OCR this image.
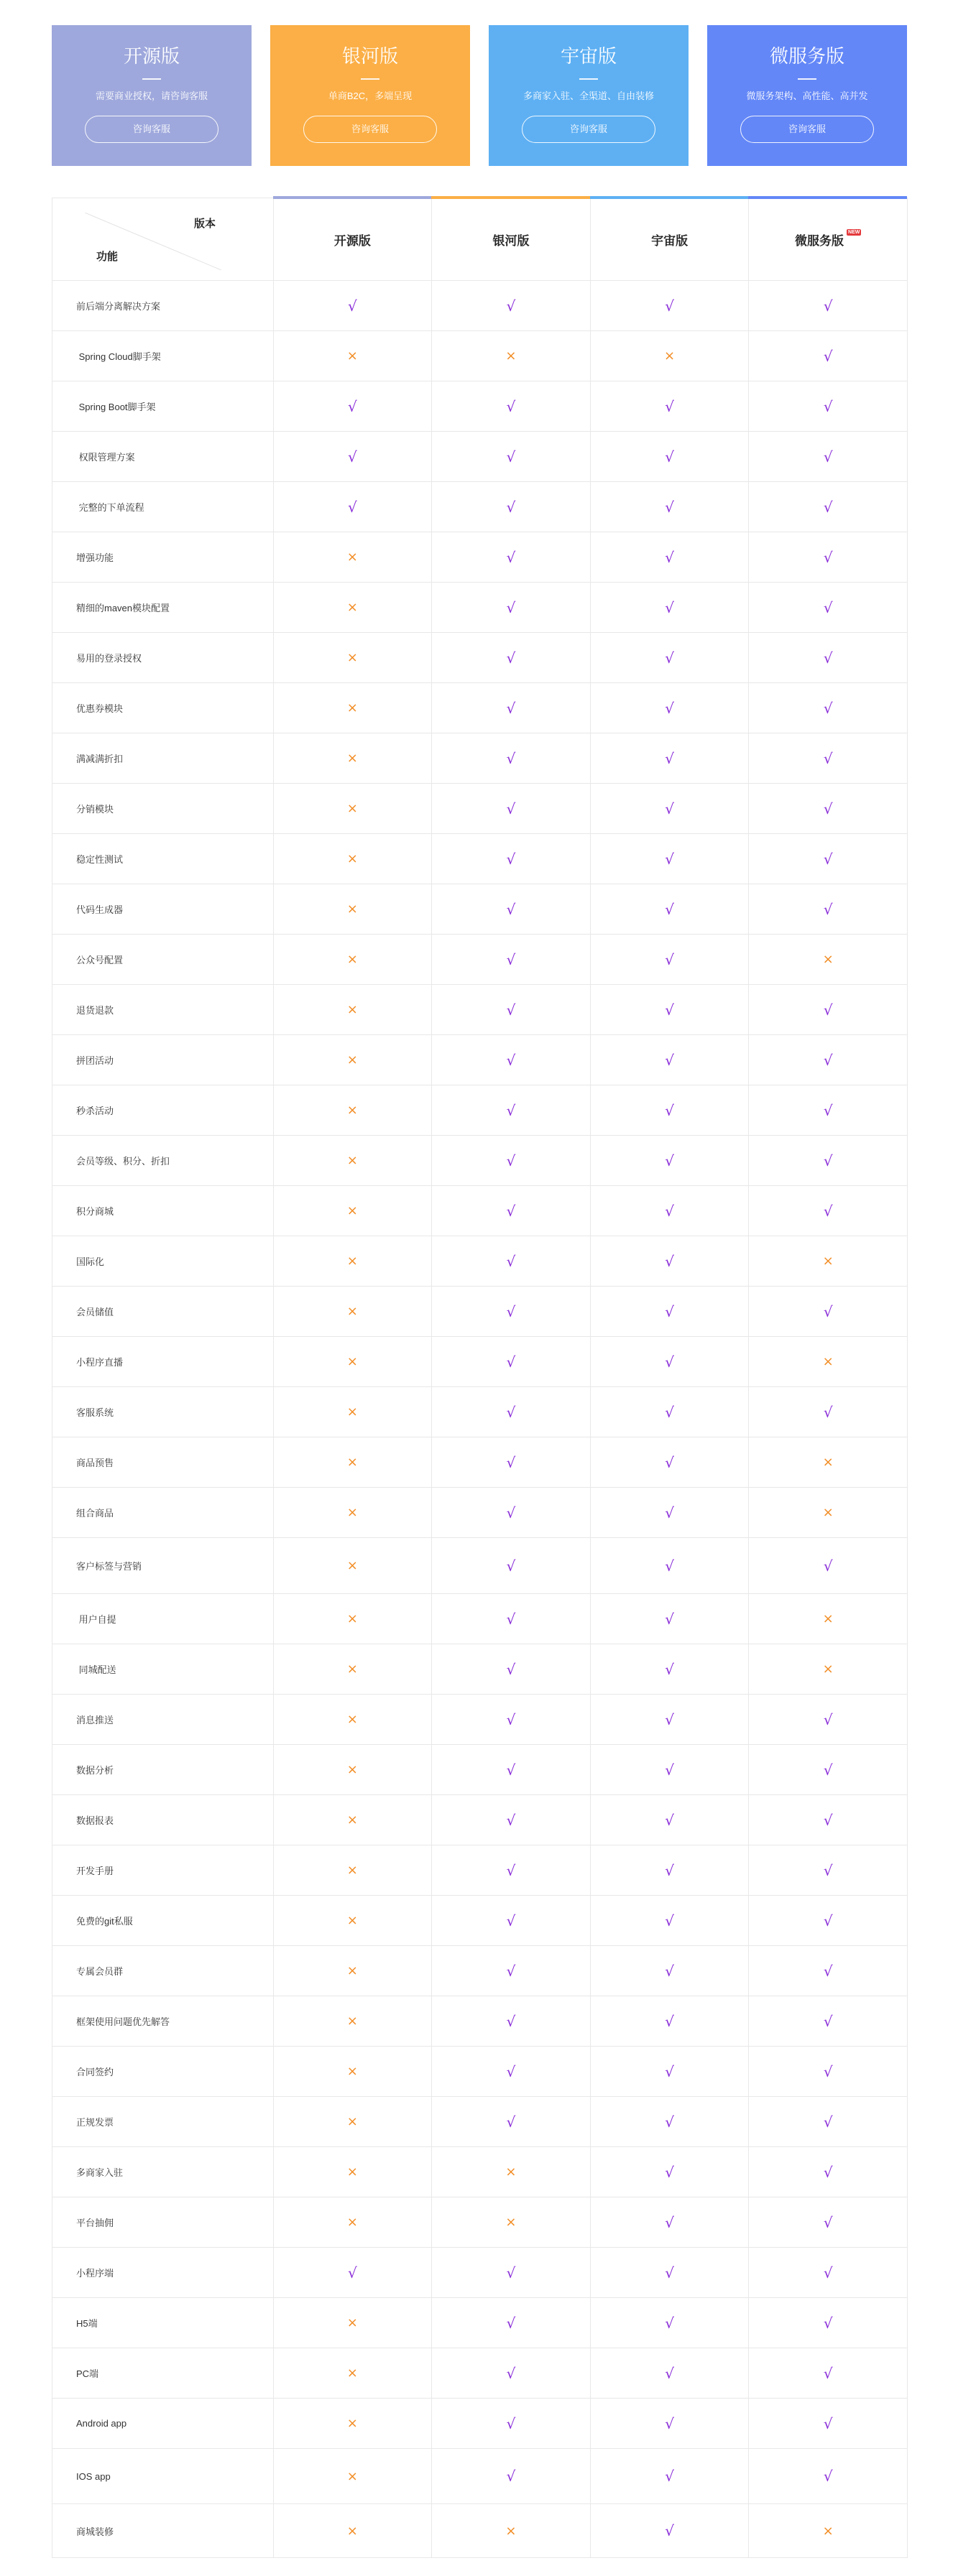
开源版
需要商业授权，请咨询客服
咨询客服
银河版
单商B2C，多端呈现
咨询客服
宇宙版
多商家入驻、全渠道、自由装修
咨询客服
微服务版
微服务架构、高性能、高并发
咨询客服
版本
功能
开源版	银河版	宇宙版	微服务版
NEW
前后端分离解决方案	√	√	√	√
Spring Cloud脚手架	×	×	×	√
Spring Boot脚手架	√	√	√	√
权限管理方案	√	√	√	√
完整的下单流程	√	√	√	√
增强功能	×	√	√	√
精细的maven模块配置	×	√	√	√
易用的登录授权	×	√	√	√
优惠券模块	×	√	√	√
满减满折扣	×	√	√	√
分销模块	×	√	√	√
稳定性测试	×	√	√	√
代码生成器	×	√	√	√
公众号配置	×	√	√	×
退货退款	×	√	√	√
拼团活动	×	√	√	√
秒杀活动	×	√	√	√
会员等级、积分、折扣	×	√	√	√
积分商城	×	√	√	√
国际化	×	√	√	×
会员储值	×	√	√	√
小程序直播	×	√	√	×
客服系统	×	√	√	√
商品预售	×	√	√	×
组合商品	×	√	√	×
客户标签与营销	×	√	√	√
用户自提	×	√	√	×
同城配送	×	√	√	×
消息推送	×	√	√	√
数据分析	×	√	√	√
数据报表	×	√	√	√
开发手册	×	√	√	√
免费的git私服	×	√	√	√
专属会员群	×	√	√	√
框架使用问题优先解答	×	√	√	√
合同签约	×	√	√	√
正规发票	×	√	√	√
多商家入驻	×	×	√	√
平台抽佣	×	×	√	√
小程序端	√	√	√	√
H5端	×	√	√	√
PC端	×	√	√	√
Android app	×	√	√	√
IOS app	×	√	√	√
商城装修	×	×	√	×
